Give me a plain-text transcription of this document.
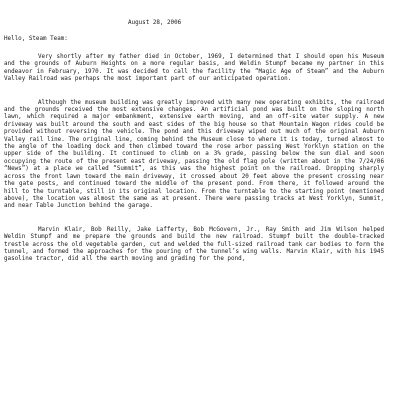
August 28, 2006
Hello, Steam Team:

Very shortly after my father died in October, 1969, I determined that I should open his Museum and the grounds of Auburn Heights on a more regular basis, and Weldin Stumpf became my partner in this endeavor in February, 1970. It was decided to call the facility the “Magic Age of Steam” and the Auburn Valley Railroad was perhaps the most important part of our anticipated operation.

Although the museum building was greatly improved with many new operating exhibits, the railroad and the grounds received the most extensive changes. An artificial pond was built on the sloping north lawn, which required a major embankment, extensive earth moving, and an off-site water supply. A new driveway was built around the south and east sides of the big house so that Mountain Wagon rides could be provided without reversing the vehicle. The pond and this driveway wiped out much of the original Auburn Valley rail line. The original line, coming behind the Museum close to where it is today, turned almost to the angle of the loading dock and then climbed toward the rose arbor passing West Yorklyn station on the upper side of the building. It continued to climb on a 3% grade, passing below the sun dial and soon occupying the route of the present east driveway, passing the old flag pole (written about in the 7/24/06 “News”) at a place we called “Summit”, as this was the highest point on the railroad. Dropping sharply across the front lawn toward the main driveway, it crossed about 20 feet above the present crossing near the gate posts, and continued toward the middle of the present pond. From there, it followed around the hill to the turntable, still in its original location. From the turntable to the starting point (mentioned above), the location was almost the same as at present. There were passing tracks at West Yorklyn, Summit, and near Table Junction behind the garage.

Marvin Klair, Bob Reilly, Jake Lafferty, Bob McGovern, Jr., Ray Smith and Jim Wilson helped Weldin Stumpf and me prepare the grounds and build the new railroad. Stumpf built the double-tracked trestle across the old vegetable garden, cut and welded the full-sized railroad tank car bodies to form the tunnel, and formed the approaches for the pouring of the tunnel’s wing walls. Marvin Klair, with his 1945 gasoline tractor, did all the earth moving and grading for the pond,
